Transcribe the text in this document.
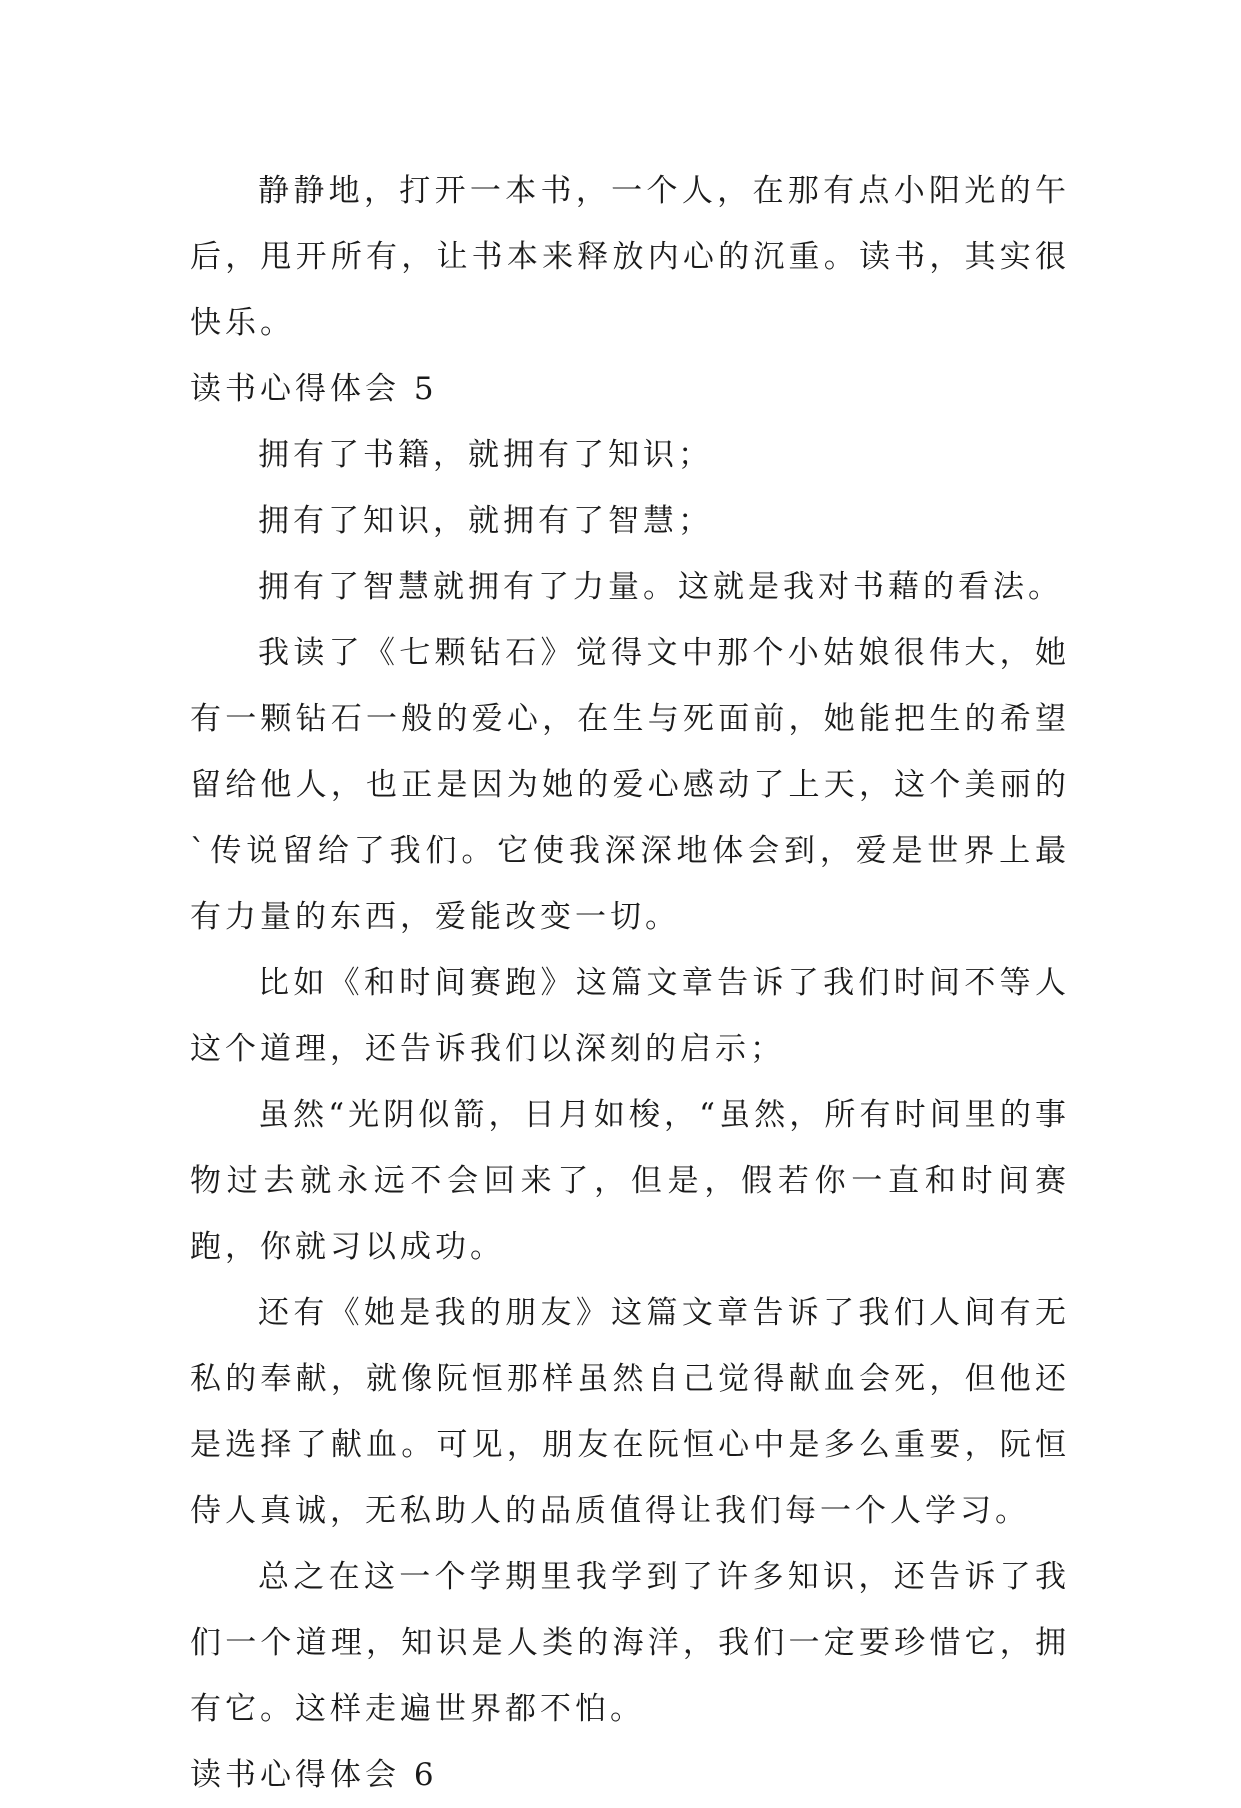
静静地，打开一本书，一个人，在那有点小阳光的午后，甩开所有，让书本来释放内心的沉重。读书，其实很快乐。

读书心得体会 5

拥有了书籍，就拥有了知识；

拥有了知识，就拥有了智慧；

拥有了智慧就拥有了力量。这就是我对书藉的看法。

我读了《七颗钻石》觉得文中那个小姑娘很伟大，她有一颗钻石一般的爱心，在生与死面前，她能把生的希望留给他人，也正是因为她的爱心感动了上天，这个美丽的`传说留给了我们。它使我深深地体会到，爱是世界上最有力量的东西，爱能改变一切。

比如《和时间赛跑》这篇文章告诉了我们时间不等人这个道理，还告诉我们以深刻的启示；

虽然“光阴似箭，日月如梭，“虽然，所有时间里的事物过去就永远不会回来了，但是，假若你一直和时间赛跑，你就习以成功。

还有《她是我的朋友》这篇文章告诉了我们人间有无私的奉献，就像阮恒那样虽然自己觉得献血会死，但他还是选择了献血。可见，朋友在阮恒心中是多么重要，阮恒侍人真诚，无私助人的品质值得让我们每一个人学习。

总之在这一个学期里我学到了许多知识，还告诉了我们一个道理，知识是人类的海洋，我们一定要珍惜它，拥有它。这样走遍世界都不怕。

读书心得体会 6
